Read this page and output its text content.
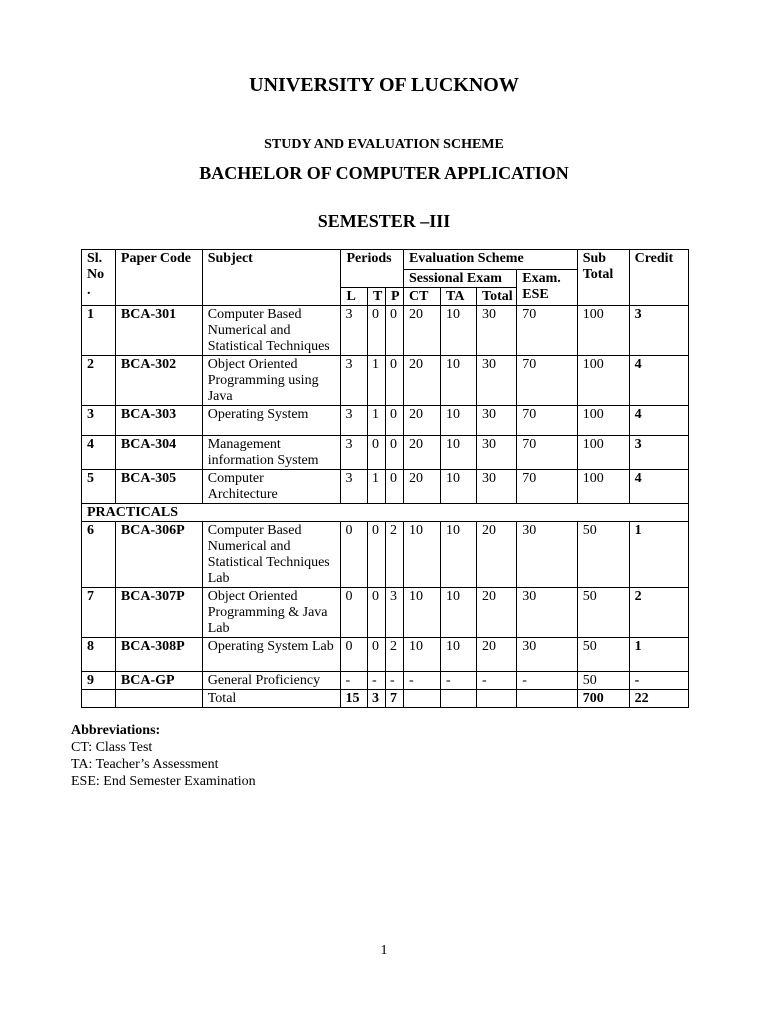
UNIVERSITY OF LUCKNOW
STUDY AND EVALUATION SCHEME
BACHELOR OF COMPUTER APPLICATION
SEMESTER –III
Sl. No .	Paper Code	Subject	Periods			Evaluation Scheme				Sub Total	Credit
						Sessional Exam			Exam. ESE		
			L	T	P	CT	TA	Total			
1	BCA-301	Computer Based Numerical and Statistical Techniques	3	0	0	20	10	30	70	100	3
2	BCA-302	Object Oriented Programming using Java	3	1	0	20	10	30	70	100	4
3	BCA-303	Operating System	3	1	0	20	10	30	70	100	4
4	BCA-304	Management information System	3	0	0	20	10	30	70	100	3
5	BCA-305	Computer Architecture	3	1	0	20	10	30	70	100	4
PRACTICALS											
6	BCA-306P	Computer Based Numerical and Statistical Techniques Lab	0	0	2	10	10	20	30	50	1
7	BCA-307P	Object Oriented Programming & Java Lab	0	0	3	10	10	20	30	50	2
8	BCA-308P	Operating System Lab	0	0	2	10	10	20	30	50	1
9	BCA-GP	General Proficiency	-	-	-	-	-	-	-	50	-
		Total	15	3	7					700	22
Abbreviations:
CT: Class Test
TA: Teacher’s Assessment
ESE: End Semester Examination
1
